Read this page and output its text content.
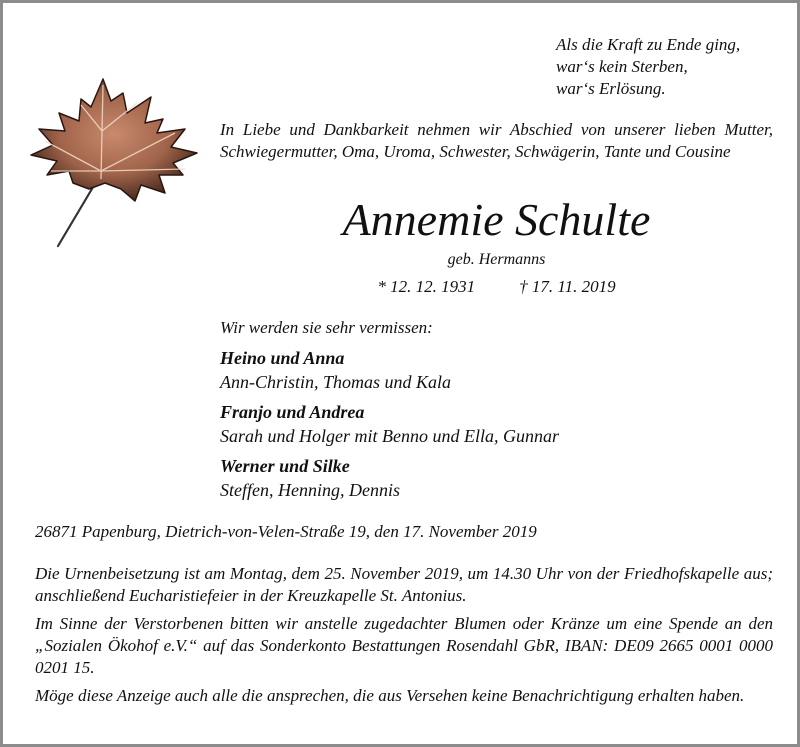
Als die Kraft zu Ende ging,
war‘s kein Sterben,
war‘s Erlösung.
In Liebe und Dankbarkeit nehmen wir Abschied von unserer lieben Mutter, Schwiegermutter, Oma, Uroma, Schwester, Schwägerin, Tante und Cousine
Annemie Schulte
geb. Hermanns
* 12. 12. 1931	† 17. 11. 2019
Wir werden sie sehr vermissen:
Heino und Anna
Ann-Christin, Thomas und Kala
Franjo und Andrea
Sarah und Holger mit Benno und Ella, Gunnar
Werner und Silke
Steffen, Henning, Dennis
26871 Papenburg, Dietrich-von-Velen-Straße 19, den 17. November 2019

Die Urnenbeisetzung ist am Montag, dem 25. November 2019, um 14.30 Uhr von der Friedhofskapelle aus; anschließend Eucharistiefeier in der Kreuzkapelle St. Antonius.

Im Sinne der Verstorbenen bitten wir anstelle zugedachter Blumen oder Kränze um eine Spende an den „Sozialen Ökohof e.V.“ auf das Sonderkonto Bestattungen Rosendahl GbR, IBAN: DE09 2665 0001 0000 0201 15.

Möge diese Anzeige auch alle die ansprechen, die aus Versehen keine Benachrichtigung erhalten haben.
